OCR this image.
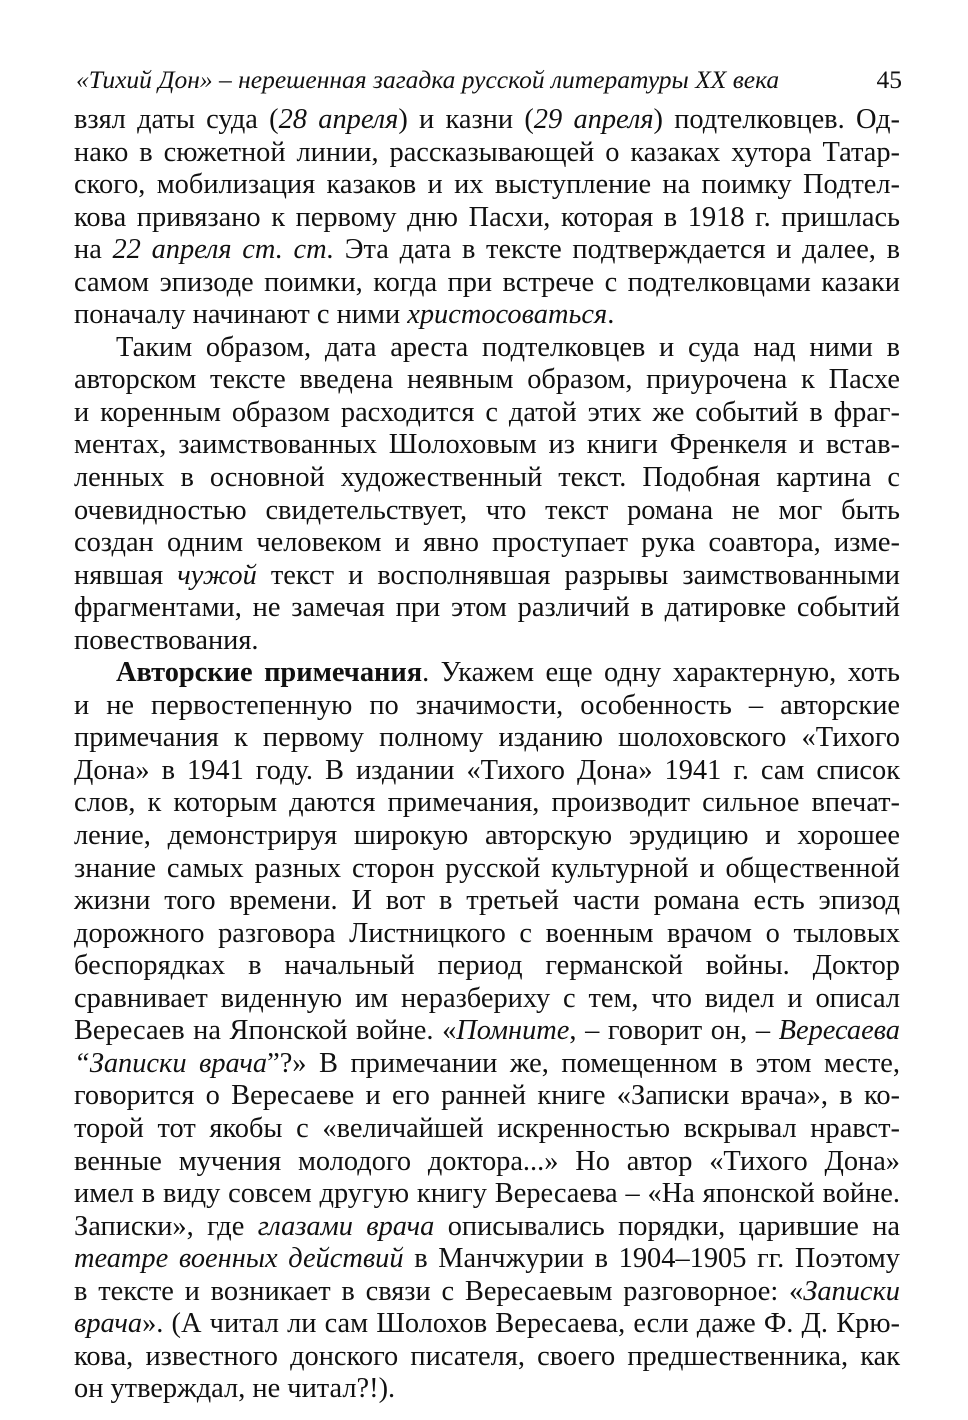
«Тихий Дон» – нерешенная загадка русской литературы XX века	45
взял даты суда (28 апреля) и казни (29 апреля) подтелковцев. Од-
нако в сюжетной линии, рассказывающей о казаках хутора Татар-
ского, мобилизация казаков и их выступление на поимку Подтел-
кова привязано к первому дню Пасхи, которая в 1918 г. пришлась
на 22 апреля ст. ст. Эта дата в тексте подтверждается и далее, в
самом эпизоде поимки, когда при встрече с подтелковцами казаки
поначалу начинают с ними христосоваться.
Таким образом, дата ареста подтелковцев и суда над ними в
авторском тексте введена неявным образом, приурочена к Пасхе
и коренным образом расходится с датой этих же событий в фраг-
ментах, заимствованных Шолоховым из книги Френкеля и встав-
ленных в основной художественный текст. Подобная картина с
очевидностью свидетельствует, что текст романа не мог быть
создан одним человеком и явно проступает рука соавтора, изме-
нявшая чужой текст и восполнявшая разрывы заимствованными
фрагментами, не замечая при этом различий в датировке событий
повествования.
Авторские примечания. Укажем еще одну характерную, хоть
и не первостепенную по значимости, особенность – авторские
примечания к первому полному изданию шолоховского «Тихого
Дона» в 1941 году. В издании «Тихого Дона» 1941 г. сам список
слов, к которым даются примечания, производит сильное впечат-
ление, демонстрируя широкую авторскую эрудицию и хорошее
знание самых разных сторон русской культурной и общественной
жизни того времени. И вот в третьей части романа есть эпизод
дорожного разговора Листницкого с военным врачом о тыловых
беспорядках в начальный период германской войны. Доктор
сравнивает виденную им неразбериху с тем, что видел и описал
Вересаев на Японской войне. «Помните, – говорит он, – Вересаева
“Записки врача”?» В примечании же, помещенном в этом месте,
говорится о Вересаеве и его ранней книге «Записки врача», в ко-
торой тот якобы с «величайшей искренностью вскрывал нравст-
венные мучения молодого доктора...» Но автор «Тихого Дона»
имел в виду совсем другую книгу Вересаева – «На японской войне.
Записки», где глазами врача описывались порядки, царившие на
театре военных действий в Манчжурии в 1904–1905 гг. Поэтому
в тексте и возникает в связи с Вересаевым разговорное: «Записки
врача». (А читал ли сам Шолохов Вересаева, если даже Ф. Д. Крю-
кова, известного донского писателя, своего предшественника, как
он утверждал, не читал?!).
